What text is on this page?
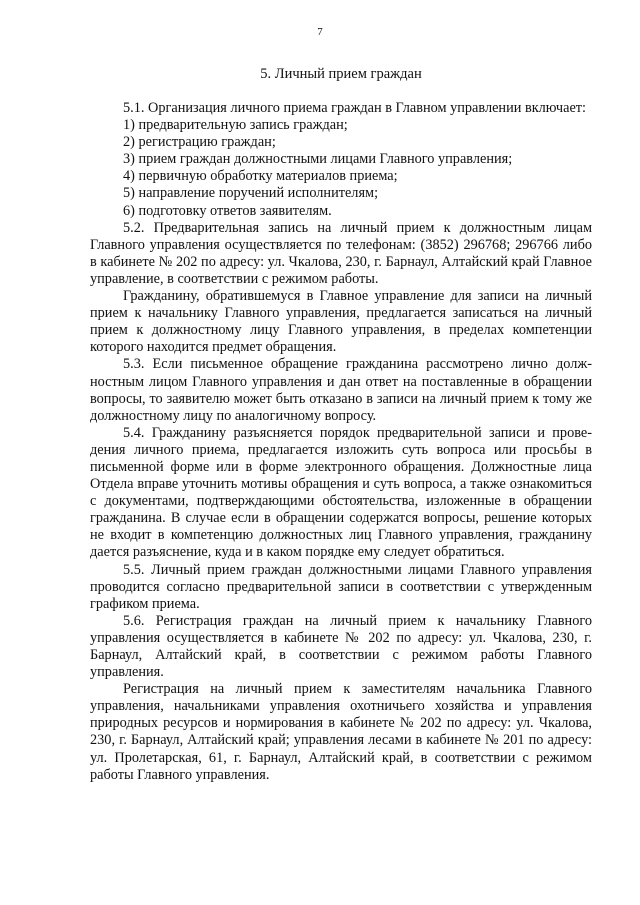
7
5. Личный прием граждан

5.1. Организация личного приема граждан в Главном управлении включает:

1) предварительную запись граждан;

2) регистрацию граждан;

3) прием граждан должностными лицами Главного управления;

4) первичную обработку материалов приема;

5) направление поручений исполнителям;

6) подготовку ответов заявителям.

5.2. Предварительная запись на личный прием к должностным лицам Главного управления осуществляется по телефонам: (3852) 296768; 296766 либо в кабинете № 202 по адресу: ул. Чкалова, 230, г. Барнаул, Алтайский край Главное управление, в соответствии с режимом работы.

Гражданину, обратившемуся в Главное управление для записи на личный прием к начальнику Главного управления, предлагается записаться на личный прием к должностному лицу Главного управления, в пределах компетенции которого находится предмет обращения.

5.3. Если письменное обращение гражданина рассмотрено лично должностным лицом Главного управления и дан ответ на поставленные в обращении вопросы, то заявителю может быть отказано в записи на личный прием к тому же должностному лицу по аналогичному вопросу.

5.4. Гражданину разъясняется порядок предварительной записи и проведения личного приема, предлагается изложить суть вопроса или просьбы в письменной форме или в форме электронного обращения. Должностные лица Отдела вправе уточнить мотивы обращения и суть вопроса, а также ознакомиться с документами, подтверждающими обстоятельства, изложенные в обращении гражданина. В случае если в обращении содержатся вопросы, решение которых не входит в компетенцию должностных лиц Главного управления, гражданину дается разъяснение, куда и в каком порядке ему следует обратиться.

5.5. Личный прием граждан должностными лицами Главного управления проводится согласно предварительной записи в соответствии с утвержденным графиком приема.

5.6. Регистрация граждан на личный прием к начальнику Главного управления осуществляется в кабинете № 202 по адресу: ул. Чкалова, 230, г. Барнаул, Алтайский край, в соответствии с режимом работы Главного управления.

Регистрация на личный прием к заместителям начальника Главного управления, начальниками управления охотничьего хозяйства и управления природных ресурсов и нормирования в кабинете № 202 по адресу: ул. Чкалова, 230, г. Барнаул, Алтайский край; управления лесами в кабинете № 201 по адресу: ул. Пролетарская, 61, г. Барнаул, Алтайский край, в соответствии с режимом работы Главного управления.
